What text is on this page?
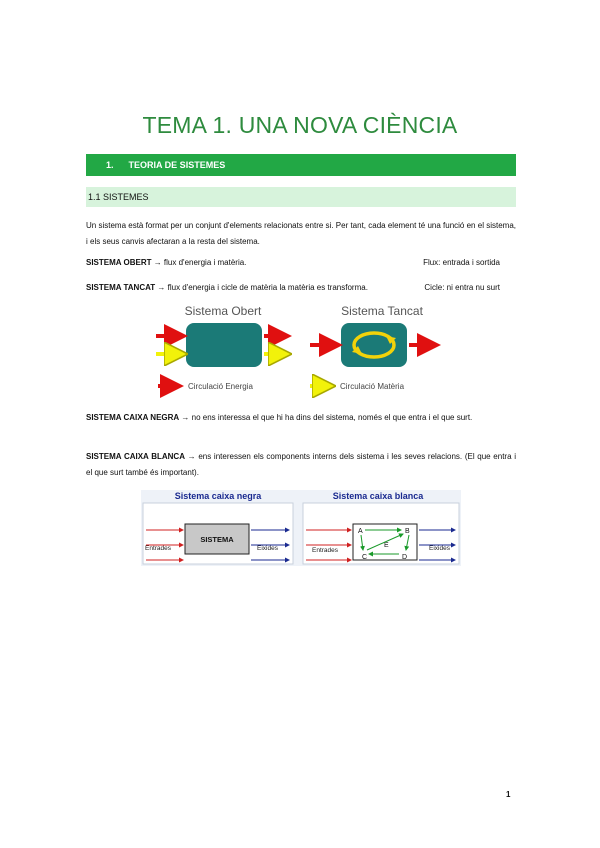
TEMA 1. UNA NOVA CIÈNCIA
1. TEORIA DE SISTEMES
1.1 SISTEMES
Un sistema està format per un conjunt d'elements relacionats entre si. Per tant, cada element té una funció en el sistema, i els seus canvis afectaran a la resta del sistema.
SISTEMA OBERT → flux d'energia i matèria.	Flux: entrada i sortida
SISTEMA TANCAT → flux d'energia i cicle de matèria la matèria es transforma.	Cicle: ni entra nu surt
Sistema Obert	Sistema Tancat
Circulació Energia	Circulació Matèria
SISTEMA CAIXA NEGRA → no ens interessa el que hi ha dins del sistema, només el que entra i el que surt.
SISTEMA CAIXA BLANCA → ens interessen els components interns dels sistema i les seves relacions. (El que entra i el que surt també és important).
Sistema caixa negra	Sistema caixa blanca
SISTEMA
Entrades	Eixides
A	B
C	D
E
Entrades	Eixides
1
